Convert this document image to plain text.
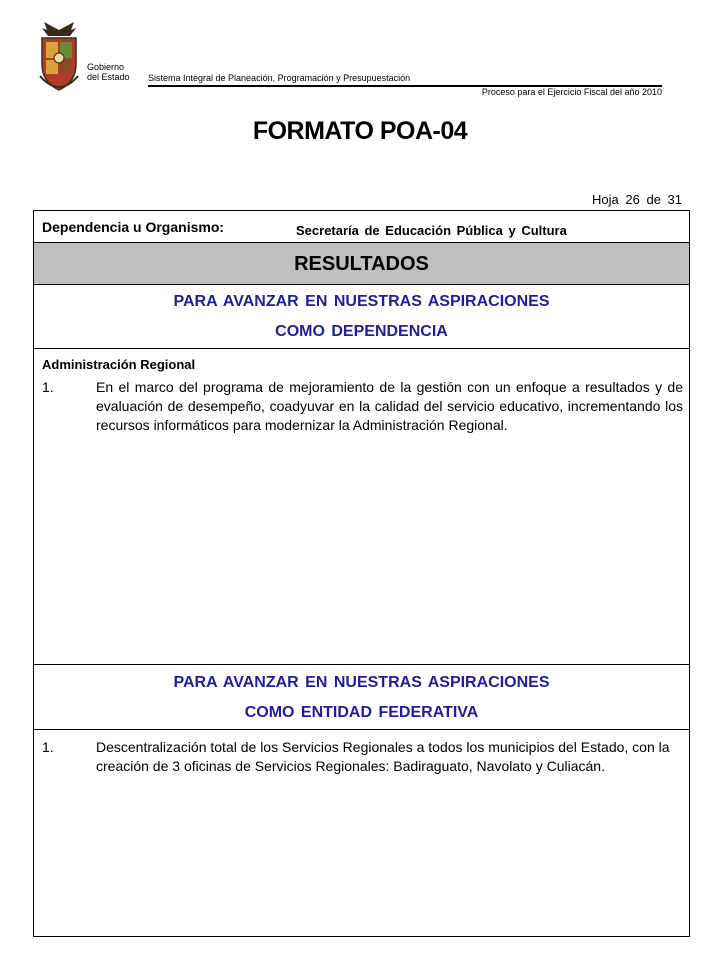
Gobierno
del Estado Sistema Integral de Planeación, Programación y Presupuestación
Proceso para el Ejercicio Fiscal del año 2010
FORMATO POA-04
Hoja 26 de 31
Dependencia u Organismo:	Secretaría de Educación Pública y Cultura
RESULTADOS
PARA AVANZAR EN NUESTRAS ASPIRACIONES
COMO DEPENDENCIA
Administración Regional
1.	En el marco del programa de mejoramiento de la gestión con un enfoque a resultados y de evaluación de desempeño, coadyuvar en la calidad del servicio educativo, incrementando los recursos informáticos para modernizar la Administración Regional.
PARA AVANZAR EN NUESTRAS ASPIRACIONES
COMO ENTIDAD FEDERATIVA
1.	Descentralización total de los Servicios Regionales a todos los municipios del Estado, con la creación de 3 oficinas de Servicios Regionales: Badiraguato, Navolato y Culiacán.
